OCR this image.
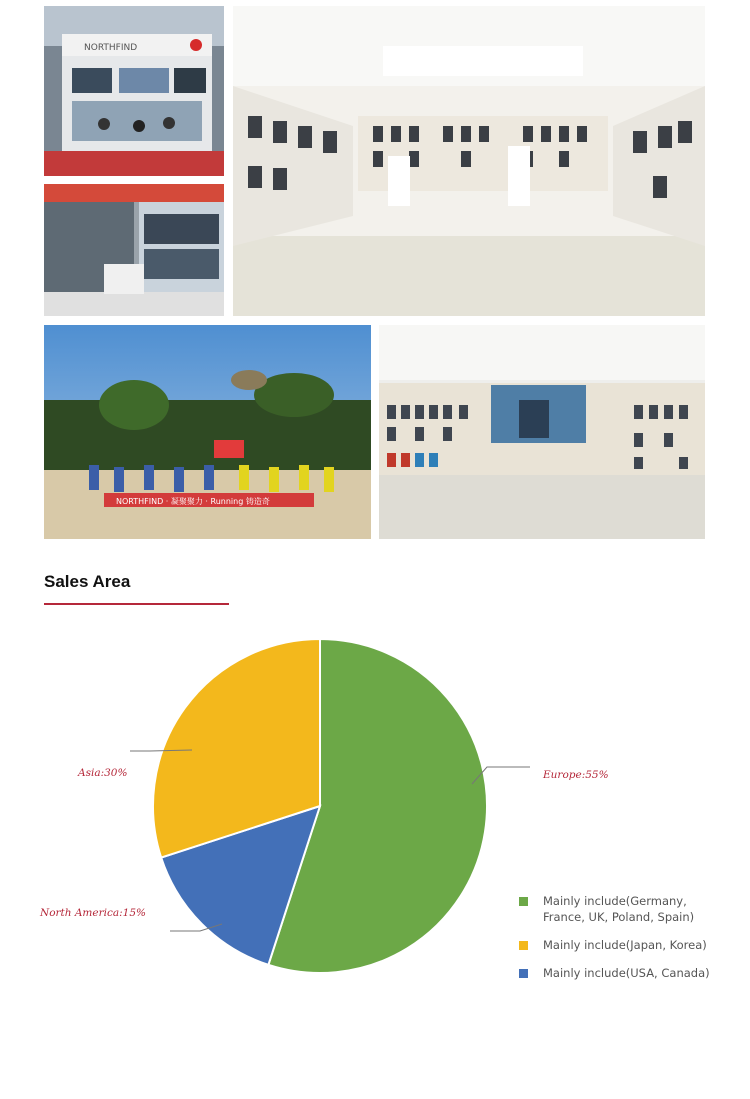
NORTHFIND
NORTHFIND · 凝聚聚力 · Running 铸造奇
Sales Area
Europe:55%
North America:15%
Asia:30%
Mainly include(Germany, France, UK, Poland, Spain)
Mainly include(Japan, Korea)
Mainly include(USA, Canada)
